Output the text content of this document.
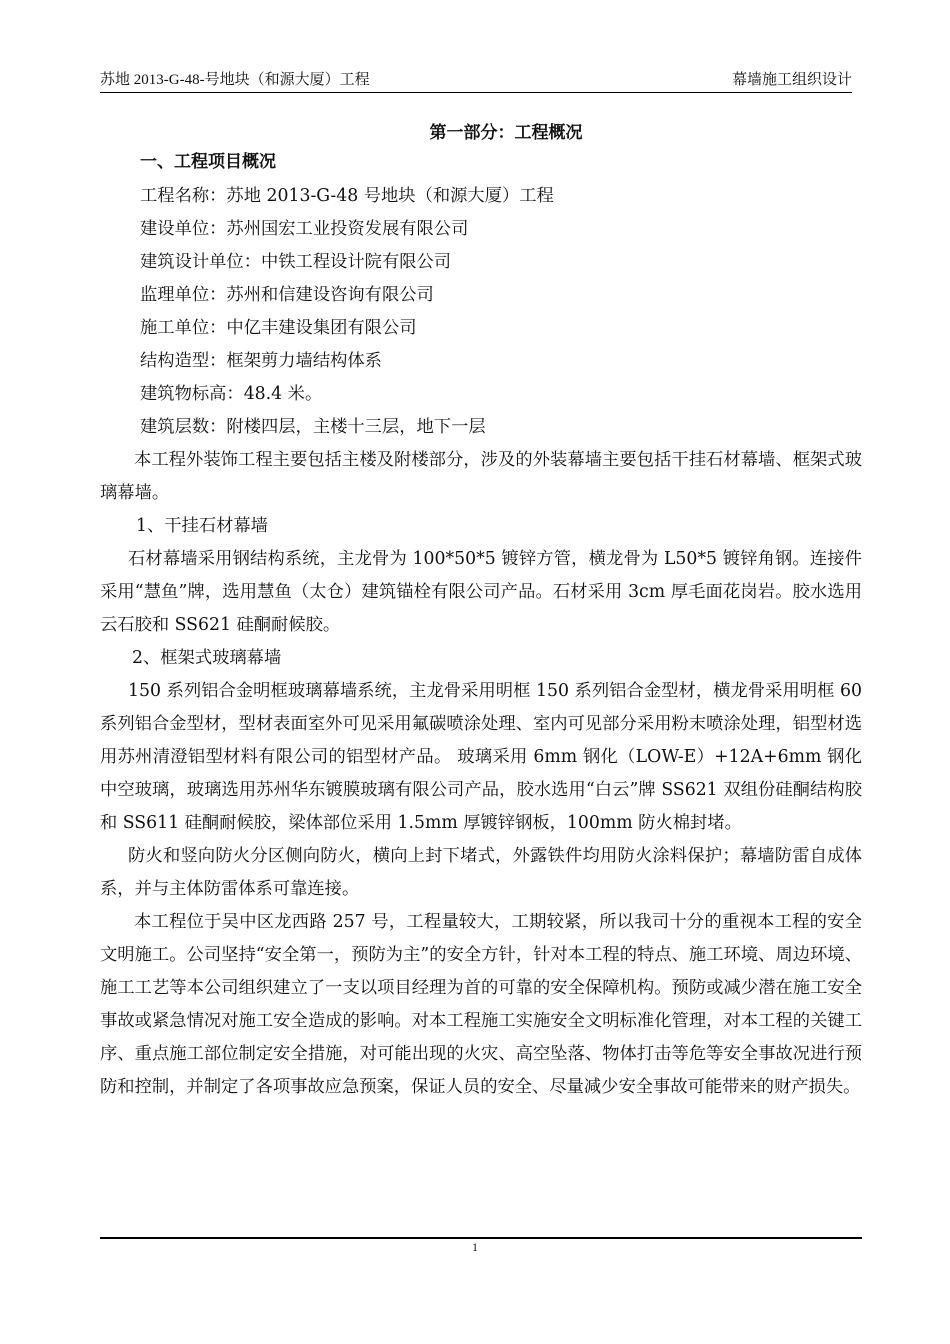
苏地 2013-G-48-号地块（和源大厦）工程	幕墙施工组织设计
第一部分：工程概况
一、工程项目概况
工程名称：苏地 2013-G-48 号地块（和源大厦）工程
建设单位：苏州国宏工业投资发展有限公司
建筑设计单位：中铁工程设计院有限公司
监理单位：苏州和信建设咨询有限公司
施工单位：中亿丰建设集团有限公司
结构造型：框架剪力墙结构体系
建筑物标高：48.4 米。
建筑层数：附楼四层，主楼十三层，地下一层
本工程外装饰工程主要包括主楼及附楼部分，涉及的外装幕墙主要包括干挂石材幕墙、框架式玻璃幕墙。
1、干挂石材幕墙
石材幕墙采用钢结构系统，主龙骨为 100*50*5 镀锌方管，横龙骨为 L50*5 镀锌角钢。连接件采用“慧鱼”牌，选用慧鱼（太仓）建筑锚栓有限公司产品。石材采用 3cm 厚毛面花岗岩。胶水选用云石胶和 SS621 硅酮耐候胶。
2、框架式玻璃幕墙
150 系列铝合金明框玻璃幕墙系统，主龙骨采用明框 150 系列铝合金型材，横龙骨采用明框 60 系列铝合金型材，型材表面室外可见采用氟碳喷涂处理、室内可见部分采用粉末喷涂处理，铝型材选用苏州清澄铝型材料有限公司的铝型材产品。 玻璃采用 6mm 钢化（LOW-E）+12A+6mm 钢化中空玻璃，玻璃选用苏州华东镀膜玻璃有限公司产品，胶水选用“白云”牌 SS621 双组份硅酮结构胶和 SS611 硅酮耐候胶，梁体部位采用 1.5mm 厚镀锌钢板，100mm 防火棉封堵。
防火和竖向防火分区侧向防火，横向上封下堵式，外露铁件均用防火涂料保护；幕墙防雷自成体系，并与主体防雷体系可靠连接。
本工程位于吴中区龙西路 257 号，工程量较大，工期较紧，所以我司十分的重视本工程的安全文明施工。公司坚持“安全第一，预防为主”的安全方针，针对本工程的特点、施工环境、周边环境、施工工艺等本公司组织建立了一支以项目经理为首的可靠的安全保障机构。预防或减少潜在施工安全事故或紧急情况对施工安全造成的影响。对本工程施工实施安全文明标准化管理，对本工程的关键工序、重点施工部位制定安全措施，对可能出现的火灾、高空坠落、物体打击等危等安全事故况进行预防和控制，并制定了各项事故应急预案，保证人员的安全、尽量减少安全事故可能带来的财产损失。
1
